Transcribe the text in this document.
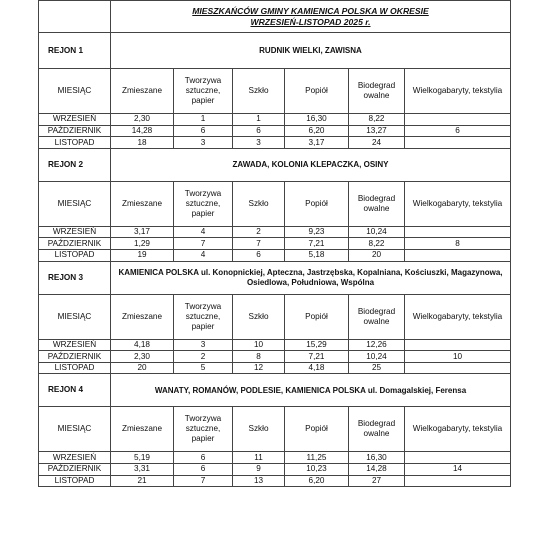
	MIESZKAŃCÓW GMINY KAMIENICA POLSKA W OKRESIE
WRZESIEŃ-LISTOPAD 2025 r.					

REJON 1	RUDNIK WIELKI, ZAWISNA					
MIESIĄC	Zmieszane	Tworzywa sztuczne, papier	Szkło	Popiół	Biodegrad owalne	Wielkogabaryty, tekstylia
WRZESIEŃ	2,30	1	1	16,30	8,22	
PAŹDZIERNIK	14,28	6	6	6,20	13,27	6
LISTOPAD	18	3	3	3,17	24	
REJON 2	ZAWADA, KOLONIA KLEPACZKA, OSINY					
MIESIĄC	Zmieszane	Tworzywa sztuczne, papier	Szkło	Popiół	Biodegrad owalne	Wielkogabaryty, tekstylia
WRZESIEŃ	3,17	4	2	9,23	10,24	
PAŹDZIERNIK	1,29	7	7	7,21	8,22	8
LISTOPAD	19	4	6	5,18	20	
REJON 3	KAMIENICA POLSKA ul. Konopnickiej, Apteczna, Jastrzębska, Kopalniana, Kościuszki, Magazynowa, Osiedlowa, Południowa, Wspólna					
MIESIĄC	Zmieszane	Tworzywa sztuczne, papier	Szkło	Popiół	Biodegrad owalne	Wielkogabaryty, tekstylia
WRZESIEŃ	4,18	3	10	15,29	12,26	
PAŹDZIERNIK	2,30	2	8	7,21	10,24	10
LISTOPAD	20	5	12	4,18	25	
REJON 4	WANATY, ROMANÓW, PODLESIE, KAMIENICA POLSKA ul. Domagalskiej, Ferensa					
MIESIĄC	Zmieszane	Tworzywa sztuczne, papier	Szkło	Popiół	Biodegrad owalne	Wielkogabaryty, tekstylia
WRZESIEŃ	5,19	6	11	11,25	16,30	
PAŹDZIERNIK	3,31	6	9	10,23	14,28	14
LISTOPAD	21	7	13	6,20	27	
